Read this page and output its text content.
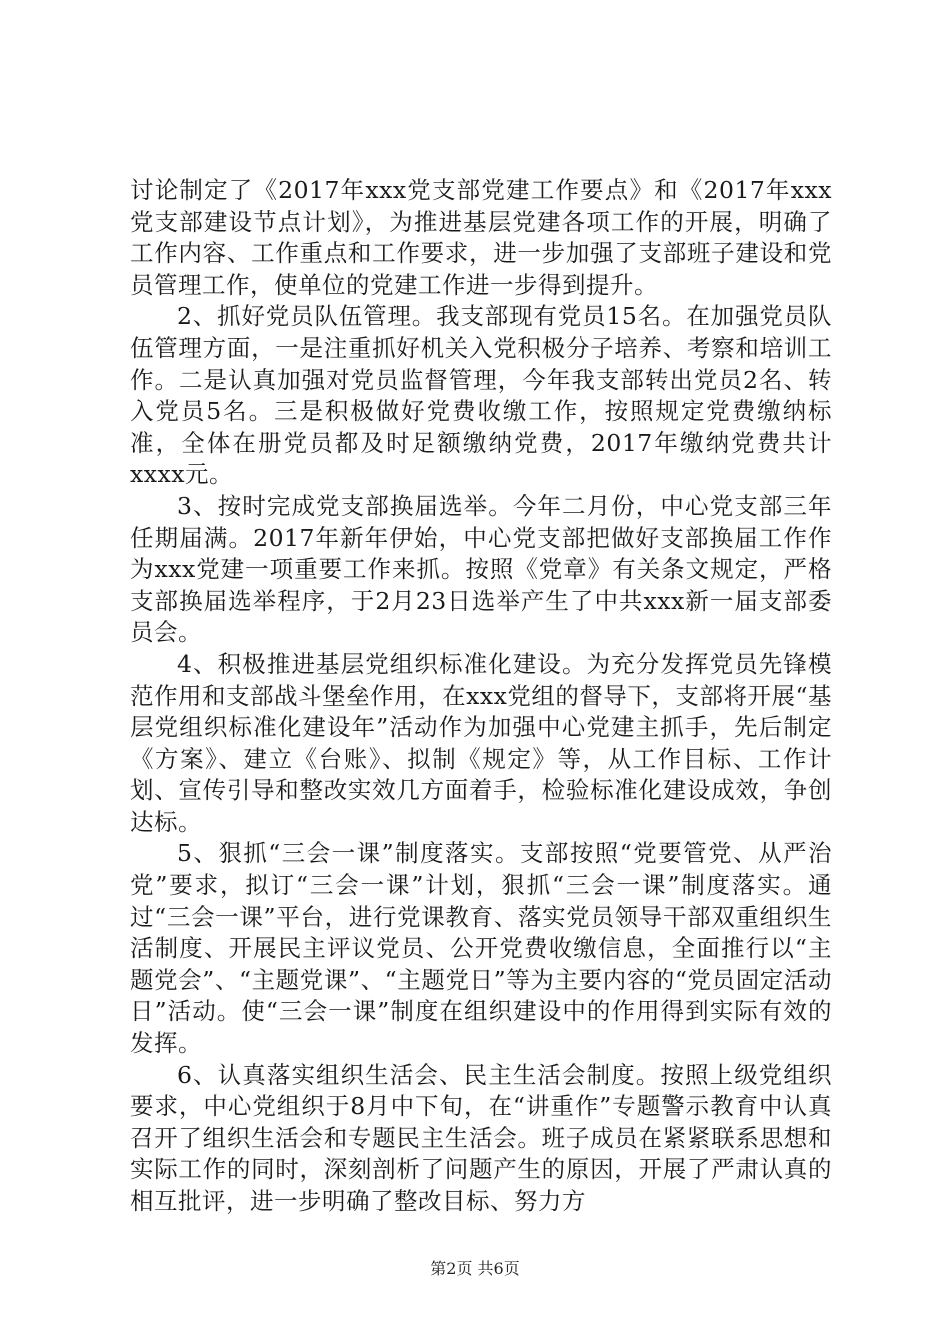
讨论制定了《2017年xxx党支部党建工作要点》和《2017年xxx党支部建设节点计划》，为推进基层党建各项工作的开展，明确了工作内容、工作重点和工作要求，进一步加强了支部班子建设和党员管理工作，使单位的党建工作进一步得到提升。

2、抓好党员队伍管理。我支部现有党员15名。在加强党员队伍管理方面，一是注重抓好机关入党积极分子培养、考察和培训工作。二是认真加强对党员监督管理，今年我支部转出党员2名、转入党员5名。三是积极做好党费收缴工作，按照规定党费缴纳标准，全体在册党员都及时足额缴纳党费，2017年缴纳党费共计xxxx元。

3、按时完成党支部换届选举。今年二月份，中心党支部三年任期届满。2017年新年伊始，中心党支部把做好支部换届工作作为xxx党建一项重要工作来抓。按照《党章》有关条文规定，严格支部换届选举程序，于2月23日选举产生了中共xxx新一届支部委员会。

4、积极推进基层党组织标准化建设。为充分发挥党员先锋模范作用和支部战斗堡垒作用，在xxx党组的督导下，支部将开展“基层党组织标准化建设年”活动作为加强中心党建主抓手，先后制定《方案》、建立《台账》、拟制《规定》等，从工作目标、工作计划、宣传引导和整改实效几方面着手，检验标准化建设成效，争创达标。

5、狠抓“三会一课”制度落实。支部按照“党要管党、从严治党”要求，拟订“三会一课”计划，狠抓“三会一课”制度落实。通过“三会一课”平台，进行党课教育、落实党员领导干部双重组织生活制度、开展民主评议党员、公开党费收缴信息，全面推行以“主题党会”、“主题党课”、“主题党日”等为主要内容的“党员固定活动日”活动。使“三会一课”制度在组织建设中的作用得到实际有效的发挥。

6、认真落实组织生活会、民主生活会制度。按照上级党组织要求，中心党组织于8月中下旬，在“讲重作”专题警示教育中认真召开了组织生活会和专题民主生活会。班子成员在紧紧联系思想和实际工作的同时，深刻剖析了问题产生的原因，开展了严肃认真的相互批评，进一步明确了整改目标、努力方

第2页 共6页
